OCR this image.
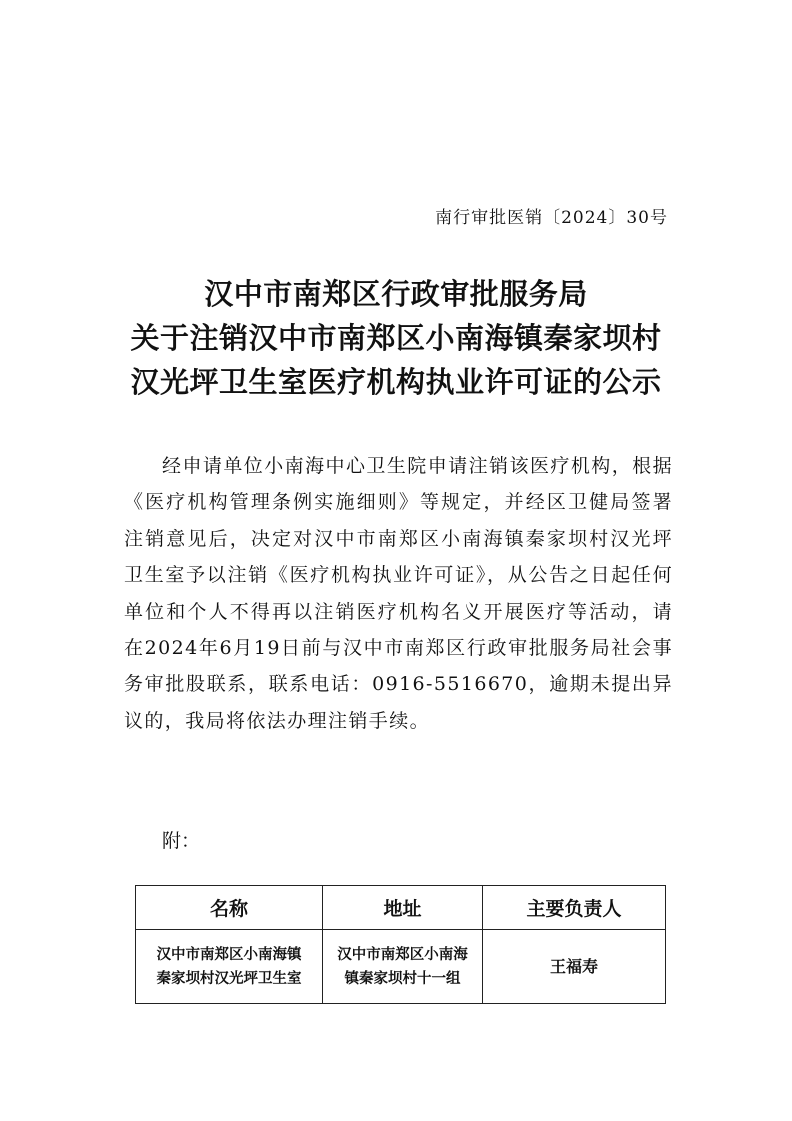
南行审批医销〔2024〕30号
汉中市南郑区行政审批服务局
关于注销汉中市南郑区小南海镇秦家坝村
汉光坪卫生室医疗机构执业许可证的公示

经申请单位小南海中心卫生院申请注销该医疗机构，根据《医疗机构管理条例实施细则》等规定，并经区卫健局签署注销意见后，决定对汉中市南郑区小南海镇秦家坝村汉光坪卫生室予以注销《医疗机构执业许可证》，从公告之日起任何单位和个人不得再以注销医疗机构名义开展医疗等活动，请在2024年6月19日前与汉中市南郑区行政审批服务局社会事务审批股联系，联系电话：0916-5516670，逾期未提出异议的，我局将依法办理注销手续。

附：
名称	地址	主要负责人

汉中市南郑区小南海镇
秦家坝村汉光坪卫生室	汉中市南郑区小南海
镇秦家坝村十一组	王福寿
